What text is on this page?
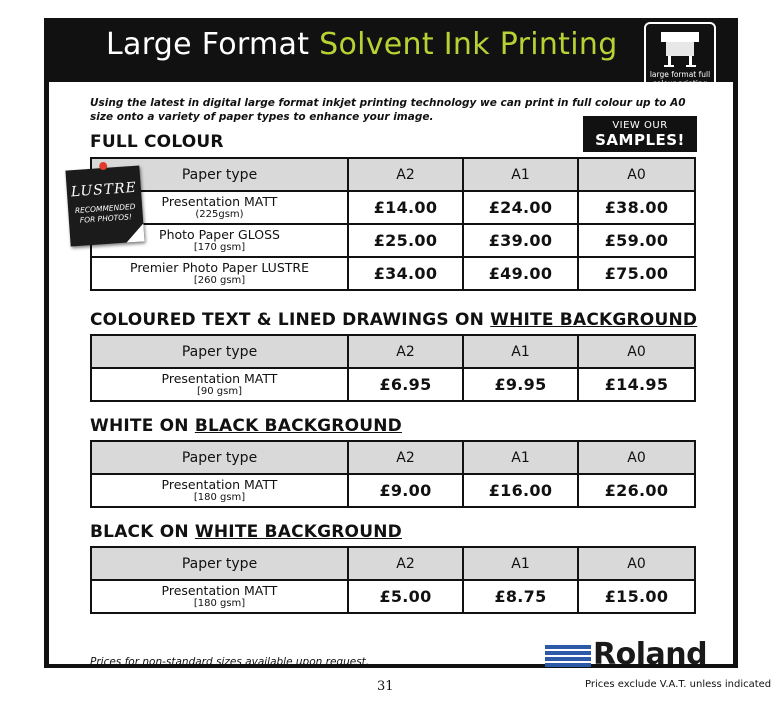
Large Format Solvent Ink Printing
large format full
Using the latest in digital large format inkjet printing technology we can print in full colour up to A0 size onto a variety of paper types to enhance your image.
VIEW OUR
SAMPLES!
FULL COLOUR
Paper type	A2	A1	A0
Presentation MATT
(225gsm)	£14.00	£24.00	£38.00
Photo Paper GLOSS
[170 gsm]	£25.00	£39.00	£59.00
Premier Photo Paper LUSTRE
[260 gsm]	£34.00	£49.00	£75.00
LUSTRE
RECOMMENDED
FOR PHOTOS!
COLOURED TEXT & LINED DRAWINGS ON WHITE BACKGROUND
Paper type	A2	A1	A0
Presentation MATT
[90 gsm]	£6.95	£9.95	£14.95
WHITE ON BLACK BACKGROUND
Paper type	A2	A1	A0
Presentation MATT
[180 gsm]	£9.00	£16.00	£26.00
BLACK ON WHITE BACKGROUND
Paper type	A2	A1	A0
Presentation MATT
[180 gsm]	£5.00	£8.75	£15.00
Prices for non-standard sizes available upon request.	Roland
31	Prices exclude V.A.T. unless indicated
